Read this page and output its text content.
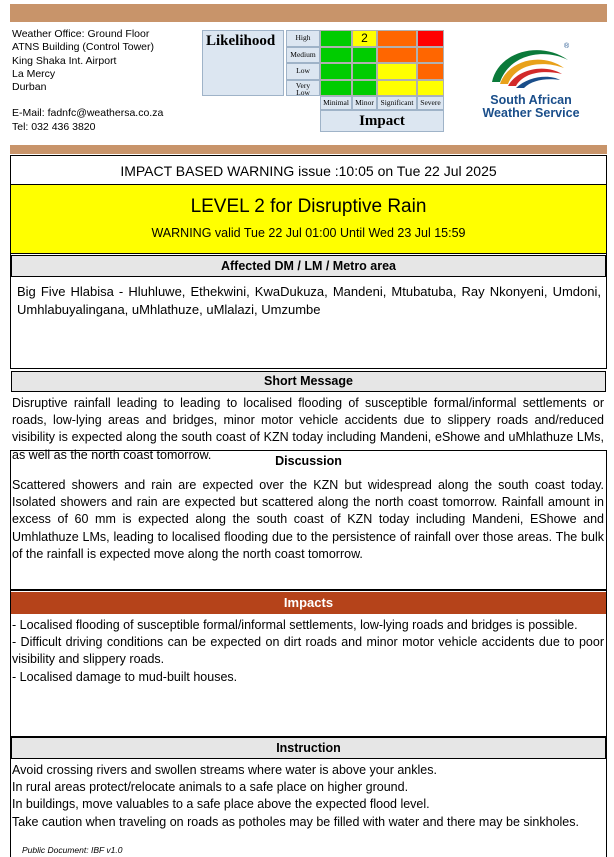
Weather Office: Ground Floor
ATNS Building (Control Tower)
King Shaka Int. Airport
La Mercy
Durban
E-Mail: fadnfc@weathersa.co.za
Tel: 032 436 3820
Likelihood	High
Medium
Low
Very
Low
2
Minimal Minor Significant Severe
Impact
®
South African
Weather Service
IMPACT BASED WARNING issue :10:05 on Tue 22 Jul 2025
LEVEL 2 for Disruptive Rain
WARNING valid Tue 22 Jul 01:00 Until Wed 23 Jul 15:59
Affected DM / LM / Metro area
Big Five Hlabisa - Hluhluwe, Ethekwini, KwaDukuza, Mandeni, Mtubatuba, Ray Nkonyeni, Umdoni, Umhlabuyalingana, uMhlathuze, uMlalazi, Umzumbe
Short Message
Disruptive rainfall leading to leading to localised flooding of susceptible formal/informal settlements or roads, low-lying areas and bridges, minor motor vehicle accidents due to slippery roads and/reduced visibility is expected along the south coast of KZN today including Mandeni, eShowe and uMhlathuze LMs, as well as the north coast tomorrow.	Discussion
Scattered showers and rain are expected over the KZN but widespread along the south coast today. Isolated showers and rain are expected but scattered along the north coast tomorrow. Rainfall amount in excess of 60 mm is expected along the south coast of KZN today including Mandeni, EShowe and Umhlathuze LMs, leading to localised flooding due to the persistence of rainfall over those areas. The bulk of the rainfall is expected move along the north coast tomorrow.
Impacts
- Localised flooding of susceptible formal/informal settlements, low-lying roads and bridges is possible.
- Difficult driving conditions can be expected on dirt roads and minor motor vehicle accidents due to poor visibility and slippery roads.
- Localised damage to mud-built houses.
Instruction
Avoid crossing rivers and swollen streams where water is above your ankles.
In rural areas protect/relocate animals to a safe place on higher ground.
In buildings, move valuables to a safe place above the expected flood level.
Take caution when traveling on roads as potholes may be filled with water and there may be sinkholes.
Public Document: IBF v1.0
